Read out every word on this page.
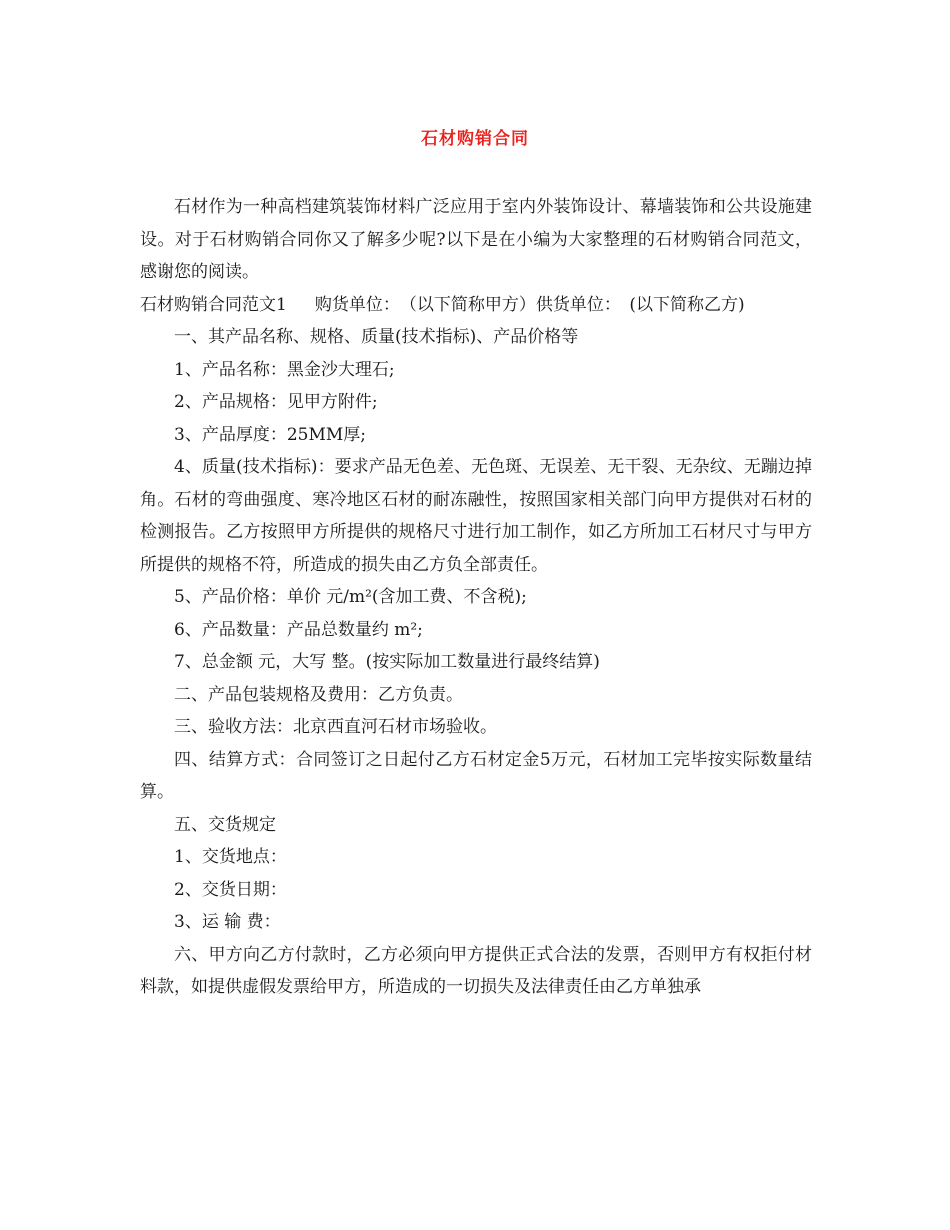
石材购销合同

石材作为一种高档建筑装饰材料广泛应用于室内外装饰设计、幕墙装饰和公共设施建设。对于石材购销合同你又了解多少呢?以下是在小编为大家整理的石材购销合同范文，感谢您的阅读。

石材购销合同范文1 购货单位：　（以下简称甲方）供货单位：　(以下简称乙方)

一、其产品名称、规格、质量(技术指标)、产品价格等

1、产品名称：黑金沙大理石;

2、产品规格：见甲方附件;

3、产品厚度：25MM厚;

4、质量(技术指标)：要求产品无色差、无色斑、无误差、无干裂、无杂纹、无蹦边掉角。石材的弯曲强度、寒冷地区石材的耐冻融性，按照国家相关部门向甲方提供对石材的检测报告。乙方按照甲方所提供的规格尺寸进行加工制作，如乙方所加工石材尺寸与甲方所提供的规格不符，所造成的损失由乙方负全部责任。

5、产品价格：单价 元/m²(含加工费、不含税);

6、产品数量：产品总数量约 m²;

7、总金额 元，大写 整。(按实际加工数量进行最终结算)

二、产品包装规格及费用：乙方负责。

三、验收方法：北京西直河石材市场验收。

四、结算方式：合同签订之日起付乙方石材定金5万元，石材加工完毕按实际数量结算。

五、交货规定

1、交货地点：

2、交货日期：

3、运 输 费：

六、甲方向乙方付款时，乙方必须向甲方提供正式合法的发票，否则甲方有权拒付材料款，如提供虚假发票给甲方，所造成的一切损失及法律责任由乙方单独承
